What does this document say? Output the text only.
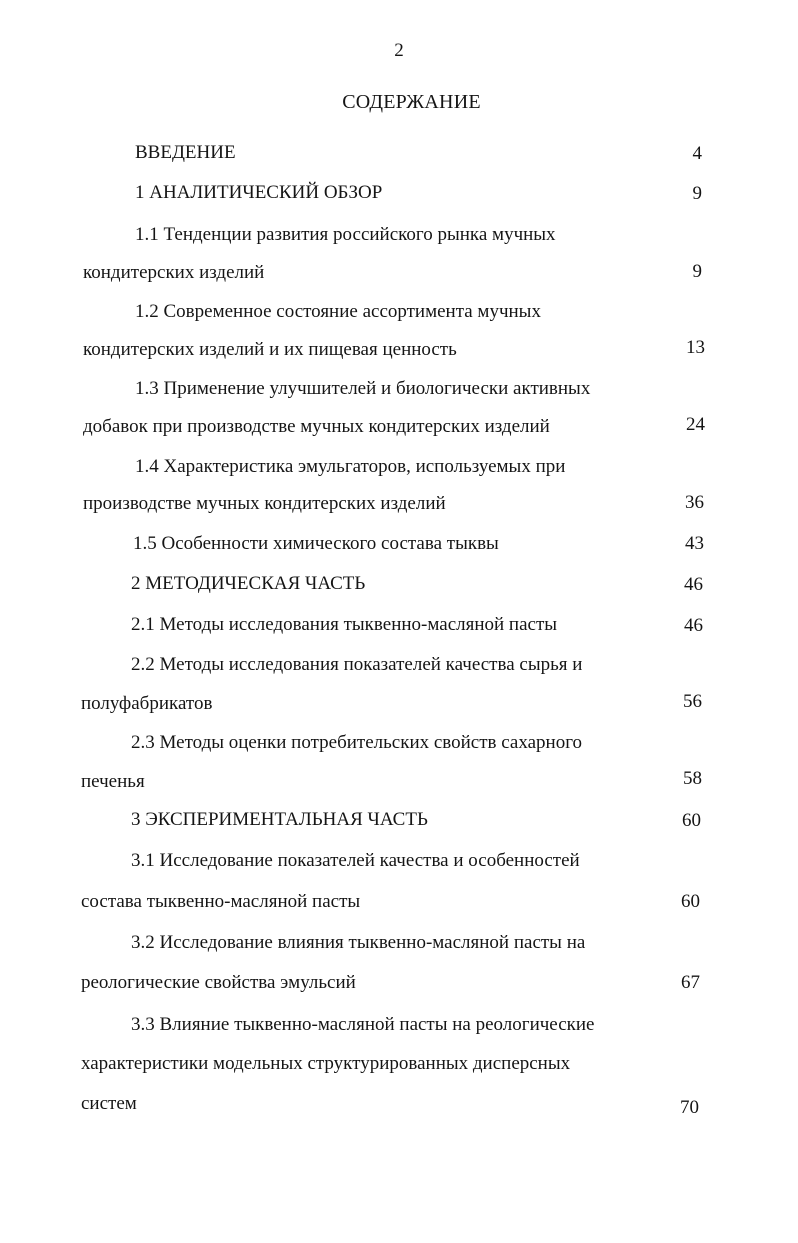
2
СОДЕРЖАНИЕ
ВВЕДЕНИЕ	4
1 АНАЛИТИЧЕСКИЙ ОБЗОР	9
1.1 Тенденции развития российского рынка мучных
кондитерских изделий	9
1.2 Современное состояние ассортимента мучных
кондитерских изделий и их пищевая ценность	13
1.3 Применение улучшителей и биологически активных
добавок при производстве мучных кондитерских изделий	24
1.4 Характеристика эмульгаторов, используемых при
производстве мучных кондитерских изделий	36
1.5 Особенности химического состава тыквы	43
2 МЕТОДИЧЕСКАЯ ЧАСТЬ	46
2.1 Методы исследования тыквенно-масляной пасты	46
2.2 Методы исследования показателей качества сырья и
полуфабрикатов	56
2.3 Методы оценки потребительских свойств сахарного
печенья	58
3 ЭКСПЕРИМЕНТАЛЬНАЯ ЧАСТЬ	60
3.1 Исследование показателей качества и особенностей
состава тыквенно-масляной пасты	60
3.2 Исследование влияния тыквенно-масляной пасты на
реологические свойства эмульсий	67
3.3 Влияние тыквенно-масляной пасты на реологические
характеристики модельных структурированных дисперсных
систем	70
